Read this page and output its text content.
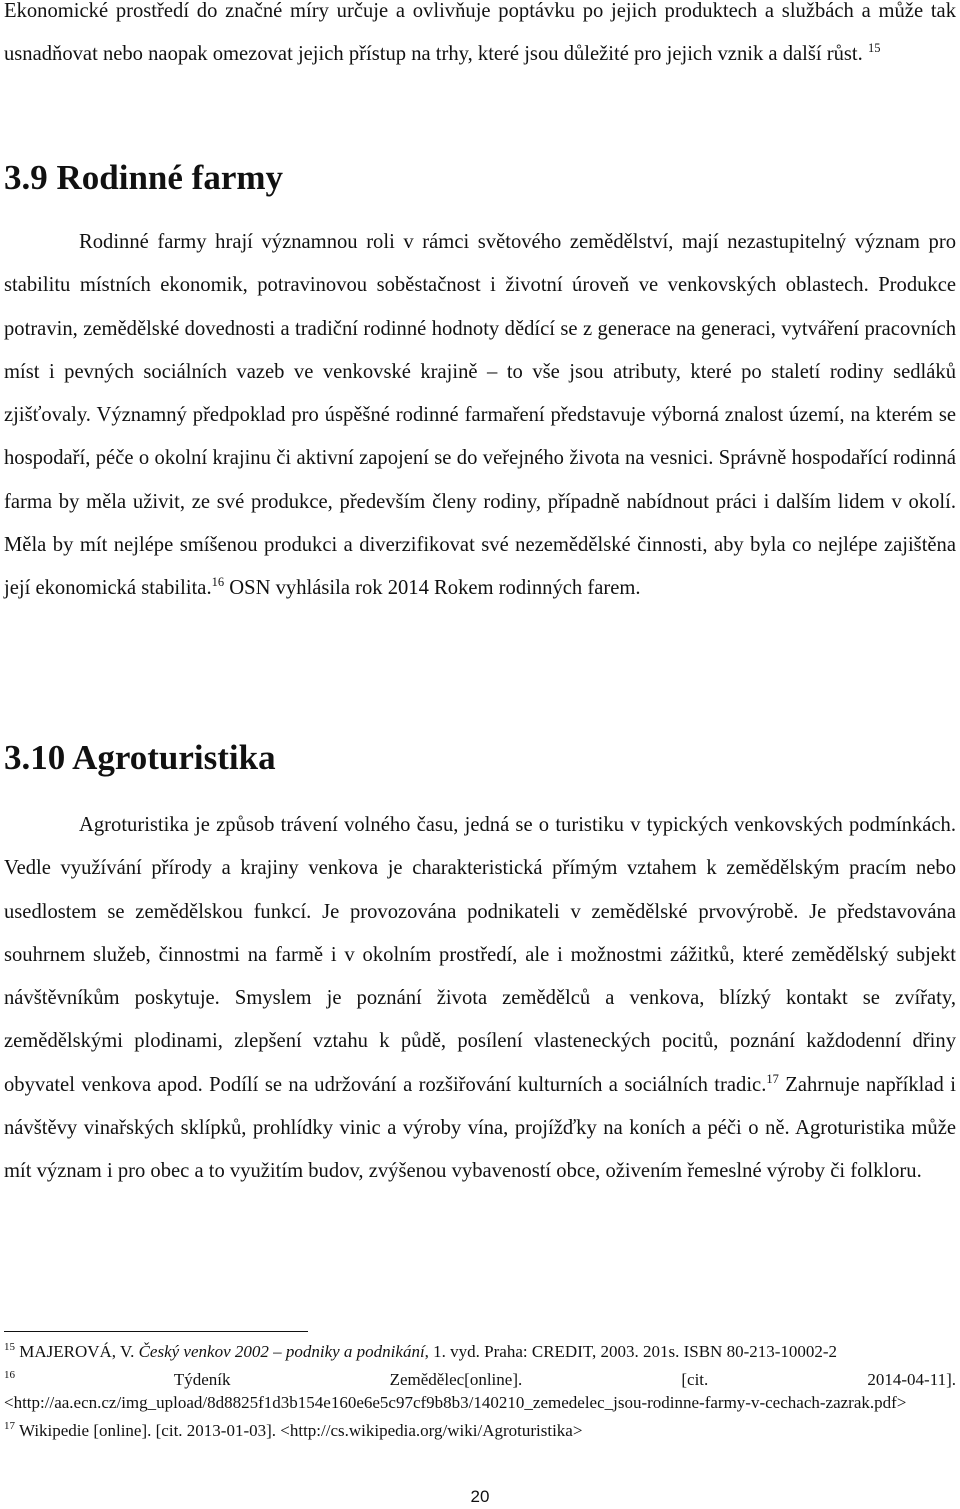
Ekonomické prostředí do značné míry určuje a ovlivňuje poptávku po jejich produktech a službách a může tak usnadňovat nebo naopak omezovat jejich přístup na trhy, které jsou důležité pro jejich vznik a další růst. $^{15}$

3.9 Rodinné farmy

Rodinné farmy hrají významnou roli v rámci světového zemědělství, mají nezastupitelný význam pro stabilitu místních ekonomik, potravinovou soběstačnost i životní úroveň ve venkovských oblastech. Produkce potravin, zemědělské dovednosti a tradiční rodinné hodnoty dědící se z generace na generaci, vytváření pracovních míst i pevných sociálních vazeb ve venkovské krajině – to vše jsou atributy, které po staletí rodiny sedláků zjišťovaly. Významný předpoklad pro úspěšné rodinné farmaření představuje výborná znalost území, na kterém se hospodaří, péče o okolní krajinu či aktivní zapojení se do veřejného života na vesnici. Správně hospodařící rodinná farma by měla uživit, ze své produkce, především členy rodiny, případně nabídnout práci i dalším lidem v okolí. Měla by mít nejlépe smíšenou produkci a diverzifikovat své nezemědělské činnosti, aby byla co nejlépe zajištěna její ekonomická stabilita.$^{16}$ OSN vyhlásila rok 2014 Rokem rodinných farem.

3.10 Agroturistika

Agroturistika je způsob trávení volného času, jedná se o turistiku v typických venkovských podmínkách. Vedle využívání přírody a krajiny venkova je charakteristická přímým vztahem k zemědělským pracím nebo usedlostem se zemědělskou funkcí. Je provozována podnikateli v zemědělské prvovýrobě. Je představována souhrnem služeb, činnostmi na farmě i v okolním prostředí, ale i možnostmi zážitků, které zemědělský subjekt návštěvníkům poskytuje. Smyslem je poznání života zemědělců a venkova, blízký kontakt se zvířaty, zemědělskými plodinami, zlepšení vztahu k půdě, posílení vlasteneckých pocitů, poznání každodenní dřiny obyvatel venkova apod. Podílí se na udržování a rozšiřování kulturních a sociálních tradic.$^{17}$ Zahrnuje například i návštěvy vinařských sklípků, prohlídky vinic a výroby vína, projížďky na koních a péči o ně. Agroturistika může mít význam i pro obec a to využitím budov, zvýšenou vybaveností obce, oživením řemeslné výroby či folkloru.

$^{15}$ MAJEROVÁ, V. Český venkov 2002 – podniky a podnikání, 1. vyd. Praha: CREDIT, 2003. 201s. ISBN 80-213-10002-2

$^{16}$	Týdeník Zemědělec[online]. [cit. 2014-04-11]. <http://aa.ecn.cz/img_upload/8d8825f1d3b154e160e6e5c97cf9b8b3/140210_zemedelec_jsou-rodinne-farmy-v-cechach-zazrak.pdf>

$^{17}$ Wikipedie [online]. [cit. 2013-01-03]. <http://cs.wikipedia.org/wiki/Agroturistika>

20
